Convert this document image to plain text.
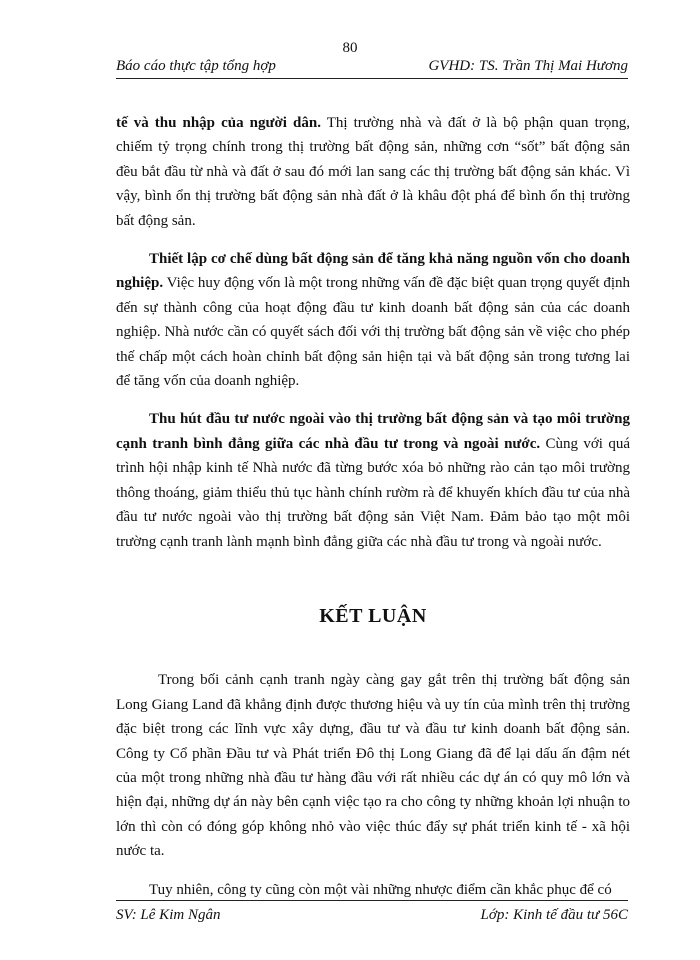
80
Báo cáo thực tập tổng hợp	GVHD: TS. Trần Thị Mai Hương

tế và thu nhập của người dân. Thị trường nhà và đất ở là bộ phận quan trọng, chiếm tỷ trọng chính trong thị trường bất động sản, những cơn “sốt” bất động sản đều bắt đầu từ nhà và đất ở sau đó mới lan sang các thị trường bất động sản khác. Vì vậy, bình ổn thị trường bất động sản nhà đất ở là khâu đột phá để bình ổn thị trường bất động sản.

Thiết lập cơ chế dùng bất động sản để tăng khả năng nguồn vốn cho doanh nghiệp. Việc huy động vốn là một trong những vấn đề đặc biệt quan trọng quyết định đến sự thành công của hoạt động đầu tư kinh doanh bất động sản của các doanh nghiệp. Nhà nước cần có quyết sách đối với thị trường bất động sản về việc cho phép thế chấp một cách hoàn chỉnh bất động sản hiện tại và bất động sản trong tương lai để tăng vốn của doanh nghiệp.

Thu hút đầu tư nước ngoài vào thị trường bất động sản và tạo môi trường cạnh tranh bình đẳng giữa các nhà đầu tư trong và ngoài nước. Cùng với quá trình hội nhập kinh tế Nhà nước đã từng bước xóa bỏ những rào cản tạo môi trường thông thoáng, giảm thiểu thủ tục hành chính rườm rà để khuyến khích đầu tư của nhà đầu tư nước ngoài vào thị trường bất động sản Việt Nam. Đảm bảo tạo một môi trường cạnh tranh lành mạnh bình đẳng giữa các nhà đầu tư trong và ngoài nước.

KẾT LUẬN

Trong bối cảnh cạnh tranh ngày càng gay gắt trên thị trường bất động sản Long Giang Land đã khẳng định được thương hiệu và uy tín của mình trên thị trường đặc biệt trong các lĩnh vực xây dựng, đầu tư và đầu tư kinh doanh bất động sản. Công ty Cổ phần Đầu tư và Phát triển Đô thị Long Giang đã để lại dấu ấn đậm nét của một trong những nhà đầu tư hàng đầu với rất nhiều các dự án có quy mô lớn và hiện đại, những dự án này bên cạnh việc tạo ra cho công ty những khoản lợi nhuận to lớn thì còn có đóng góp không nhỏ vào việc thúc đẩy sự phát triển kinh tế - xã hội nước ta.

Tuy nhiên, công ty cũng còn một vài những nhược điểm cần khắc phục để có

SV: Lê Kim Ngân	Lớp: Kinh tế đầu tư 56C
